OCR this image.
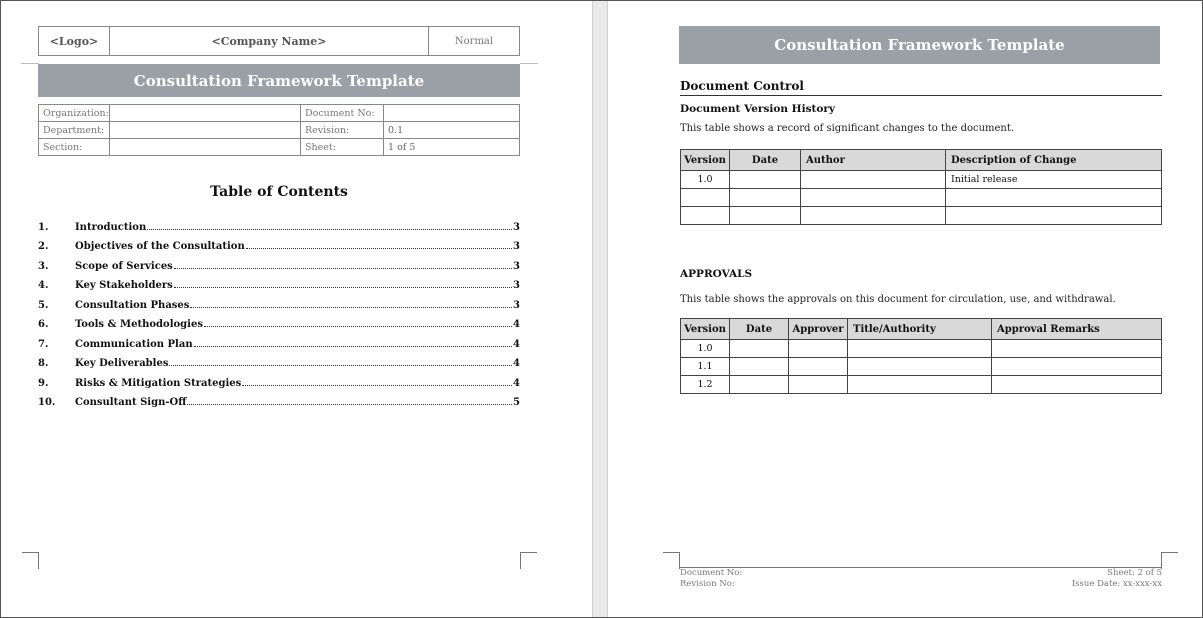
<Logo>	<Company Name>	Normal
Consultation Framework Template
Organization:		Document No:	
Department:		Revision:	0.1
Section:		Sheet:	1 of 5
Table of Contents
1.	Introduction	3
2.	Objectives of the Consultation	3
3.	Scope of Services	3
4.	Key Stakeholders	3
5.	Consultation Phases	3
6.	Tools & Methodologies	4
7.	Communication Plan	4
8.	Key Deliverables	4
9.	Risks & Mitigation Strategies	4
10.	Consultant Sign-Off	5
Consultation Framework Template
Document Control
Document Version History
This table shows a record of significant changes to the document.
Version	Date	Author	Description of Change
1.0			Initial release

APPROVALS
This table shows the approvals on this document for circulation, use, and withdrawal.
Version	Date	Approver	Title/Authority	Approval Remarks
1.0				
1.1				
1.2				
Document No:	Sheet: 2 of 5
Revision No:	Issue Date: xx-xxx-xx
